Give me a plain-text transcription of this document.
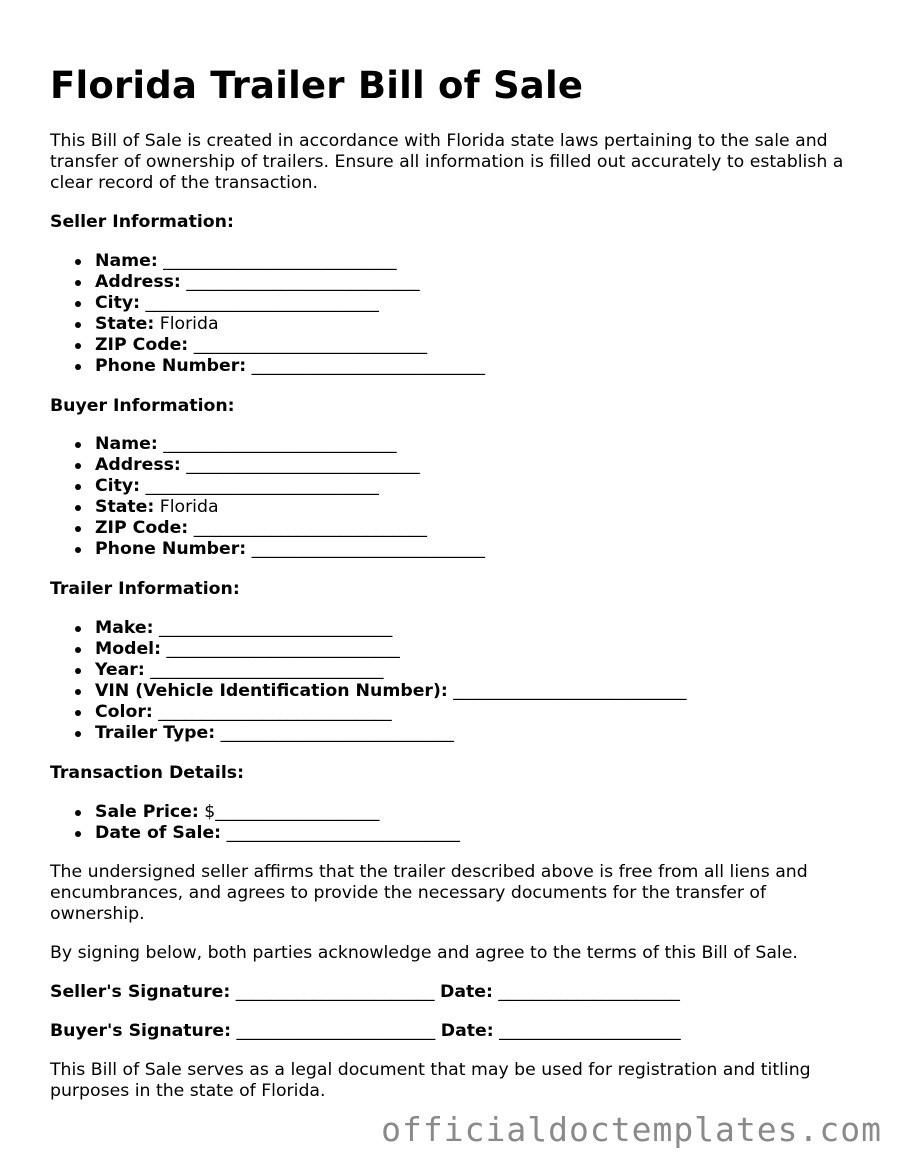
Florida Trailer Bill of Sale

This Bill of Sale is created in accordance with Florida state laws pertaining to the sale and transfer of ownership of trailers. Ensure all information is filled out accurately to establish a clear record of the transaction.

Seller Information:

Name: ___________________________
Address: ___________________________
City: ___________________________
State: Florida
ZIP Code: ___________________________
Phone Number: ___________________________

Buyer Information:

Name: ___________________________
Address: ___________________________
City: ___________________________
State: Florida
ZIP Code: ___________________________
Phone Number: ___________________________

Trailer Information:

Make: ___________________________
Model: ___________________________
Year: ___________________________
VIN (Vehicle Identification Number): ___________________________
Color: ___________________________
Trailer Type: ___________________________

Transaction Details:

Sale Price: $___________________
Date of Sale: ___________________________

The undersigned seller affirms that the trailer described above is free from all liens and encumbrances, and agrees to provide the necessary documents for the transfer of ownership.

By signing below, both parties acknowledge and agree to the terms of this Bill of Sale.

Seller's Signature: _______________________ Date: _____________________

Buyer's Signature: _______________________ Date: _____________________

This Bill of Sale serves as a legal document that may be used for registration and titling purposes in the state of Florida.

officialdoctemplates.com
